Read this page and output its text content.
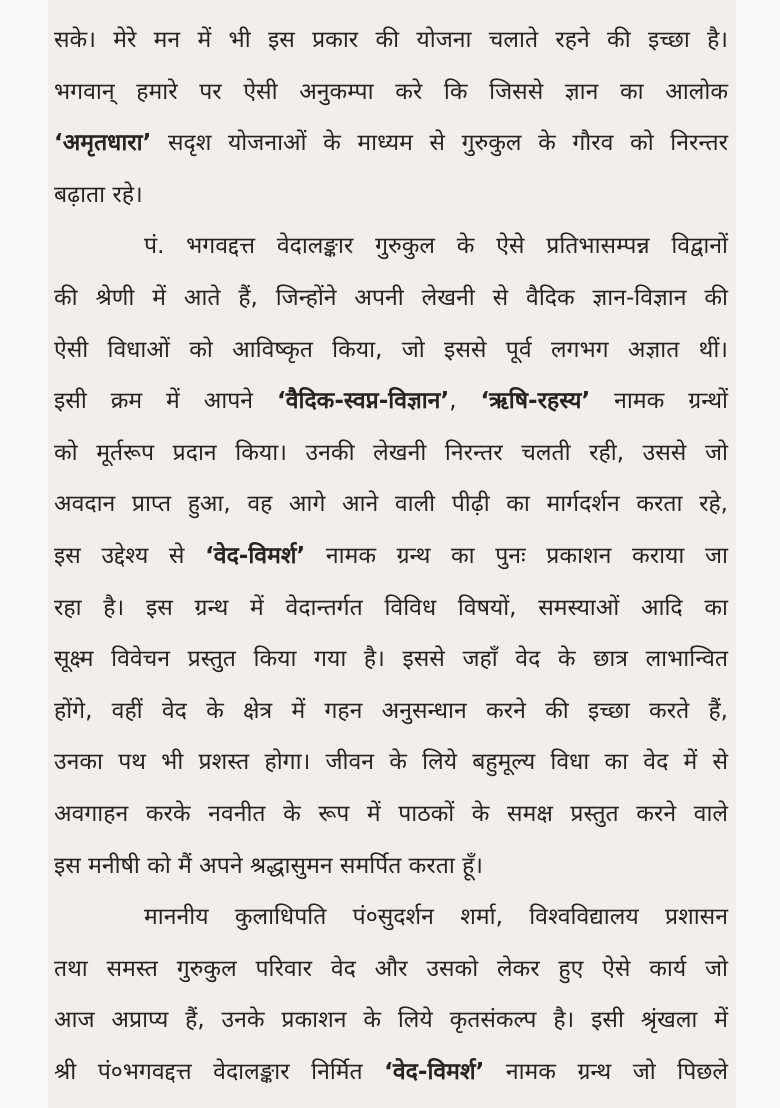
सके। मेरे मन में भी इस प्रकार की योजना चलाते रहने की इच्छा है।
भगवान् हमारे पर ऐसी अनुकम्पा करे कि जिससे ज्ञान का आलोक
‘अमृतधारा’ सदृश योजनाओं के माध्यम से गुरुकुल के गौरव को निरन्तर
बढ़ाता रहे।
पं. भगवद्दत्त वेदालङ्कार गुरुकुल के ऐसे प्रतिभासम्पन्न विद्वानों
की श्रेणी में आते हैं, जिन्होंने अपनी लेखनी से वैदिक ज्ञान-विज्ञान की
ऐसी विधाओं को आविष्कृत किया, जो इससे पूर्व लगभग अज्ञात थीं।
इसी क्रम में आपने ‘वैदिक-स्वप्न-विज्ञान’, ‘ऋषि-रहस्य’ नामक ग्रन्थों
को मूर्तरूप प्रदान किया। उनकी लेखनी निरन्तर चलती रही, उससे जो
अवदान प्राप्त हुआ, वह आगे आने वाली पीढ़ी का मार्गदर्शन करता रहे,
इस उद्देश्य से ‘वेद-विमर्श’ नामक ग्रन्थ का पुनः प्रकाशन कराया जा
रहा है। इस ग्रन्थ में वेदान्तर्गत विविध विषयों, समस्याओं आदि का
सूक्ष्म विवेचन प्रस्तुत किया गया है। इससे जहाँ वेद के छात्र लाभान्वित
होंगे, वहीं वेद के क्षेत्र में गहन अनुसन्धान करने की इच्छा करते हैं,
उनका पथ भी प्रशस्त होगा। जीवन के लिये बहुमूल्य विधा का वेद में से
अवगाहन करके नवनीत के रूप में पाठकों के समक्ष प्रस्तुत करने वाले
इस मनीषी को मैं अपने श्रद्धासुमन समर्पित करता हूँ।
माननीय कुलाधिपति पं०सुदर्शन शर्मा, विश्वविद्यालय प्रशासन
तथा समस्त गुरुकुल परिवार वेद और उसको लेकर हुए ऐसे कार्य जो
आज अप्राप्य हैं, उनके प्रकाशन के लिये कृतसंकल्प है। इसी श्रृंखला में
श्री पं०भगवद्दत्त वेदालङ्कार निर्मित ‘वेद-विमर्श’ नामक ग्रन्थ जो पिछले
